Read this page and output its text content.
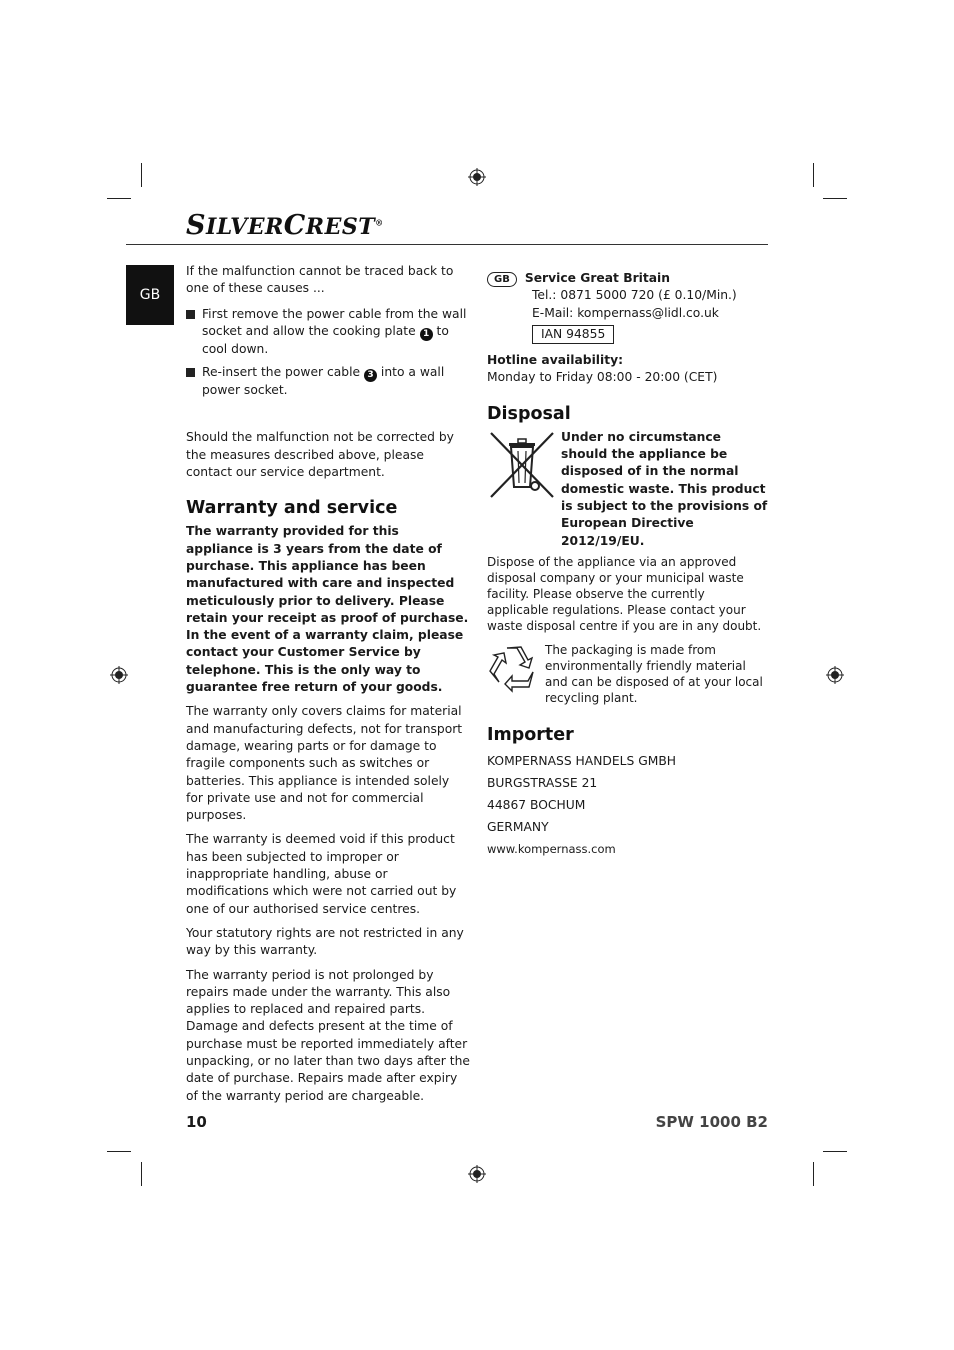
SILVERCREST®
GB

If the malfunction cannot be traced back to one of these causes ...

First remove the power cable from the wall socket and allow the cooking plate 1 to cool down.
Re-insert the power cable 3 into a wall power socket.

Should the malfunction not be corrected by the measures described above, please contact our service department.

Warranty and service

The warranty provided for this appliance is 3 years from the date of purchase. This appliance has been manufactured with care and inspected meticulously prior to delivery. Please retain your receipt as proof of purchase. In the event of a warranty claim, please contact your Customer Service by telephone. This is the only way to guarantee free return of your goods.

The warranty only covers claims for material and manufacturing defects, not for transport damage, wearing parts or for damage to fragile components such as switches or batteries. This appliance is intended solely for private use and not for commercial purposes.

The warranty is deemed void if this product has been subjected to improper or inappropriate handling, abuse or modifications which were not carried out by one of our authorised service centres.

Your statutory rights are not restricted in any way by this warranty.

The warranty period is not prolonged by repairs made under the warranty. This also applies to replaced and repaired parts. Damage and defects present at the time of purchase must be reported immediately after unpacking, or no later than two days after the date of purchase. Repairs made after expiry of the warranty period are chargeable.

GB	Service Great Britain
Tel.: 0871 5000 720 (£ 0.10/Min.)
E-Mail: kompernass@lidl.co.uk
IAN 94855
Hotline availability:
Monday to Friday 08:00 - 20:00 (CET)
Disposal
Under no circumstance should the appliance be disposed of in the normal domestic waste. This product is subject to the provisions of European Directive 2012/19/EU.

Dispose of the appliance via an approved disposal company or your municipal waste facility. Please observe the currently applicable regulations. Please contact your waste disposal centre if you are in any doubt.

The packaging is made from environmentally friendly material and can be disposed of at your local recycling plant.
Importer
KOMPERNASS HANDELS GMBH
BURGSTRASSE 21
44867 BOCHUM
GERMANY
www.kompernass.com
10	SPW 1000 B2
